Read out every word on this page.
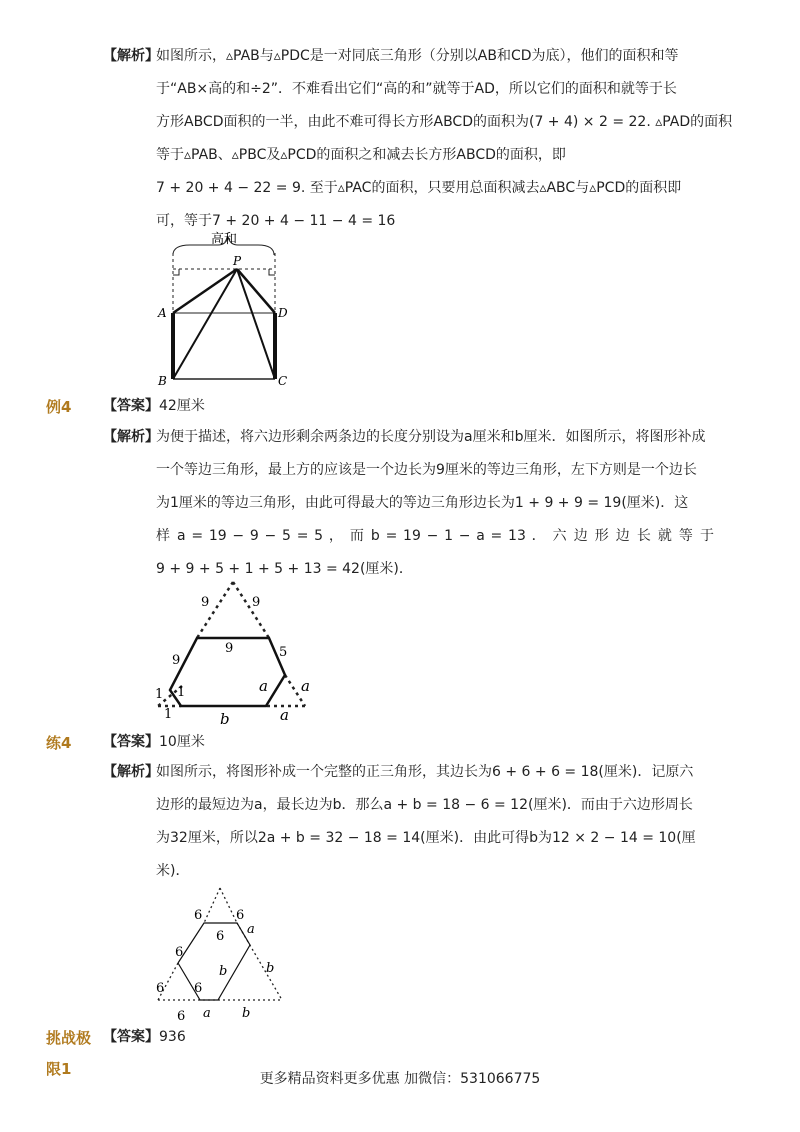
【解析】
如图所示，▵PAB与▵PDC是一对同底三角形（分别以AB和CD为底），他们的面积和等
于“AB×高的和÷2”．不难看出它们“高的和”就等于AD，所以它们的面积和就等于长
方形ABCD面积的一半，由此不难可得长方形ABCD的面积为(7 + 4) × 2 = 22. ▵PAD的面积
等于▵PAB、▵PBC及▵PCD的面积之和减去长方形ABCD的面积，即
7 + 20 + 4 − 22 = 9. 至于▵PAC的面积，只要用总面积减去▵ABC与▵PCD的面积即
可，等于7 + 20 + 4 − 11 − 4 = 16
高和
P
A	D
B	C
例4 【答案】42厘米
【解析】
为便于描述，将六边形剩余两条边的长度分别设为a厘米和b厘米．如图所示，将图形补成
一个等边三角形，最上方的应该是一个边长为9厘米的等边三角形，左下方则是一个边长
为1厘米的等边三角形，由此可得最大的等边三角形边长为1 + 9 + 9 = 19(厘米)．这
样 a = 19 − 9 − 5 = 5 ， 而 b = 19 − 1 − a = 13 ． 六 边 形 边 长 就 等 于
9 + 9 + 5 + 1 + 5 + 13 = 42(厘米)．
9	9
9
9
5
1 1
1
a a
a
b
练4 【答案】10厘米
【解析】
如图所示，将图形补成一个完整的正三角形，其边长为6 + 6 + 6 = 18(厘米)．记原六
边形的最短边为a，最长边为b．那么a + b = 18 − 6 = 12(厘米)．而由于六边形周长
为32厘米，所以2a + b = 32 − 18 = 14(厘米)．由此可得b为12 × 2 − 14 = 10(厘
米)．
6	6
6 a
6
b	b
6 6
6 a b
挑战极 【答案】936
限1
更多精品资料更多优惠 加微信：531066775
